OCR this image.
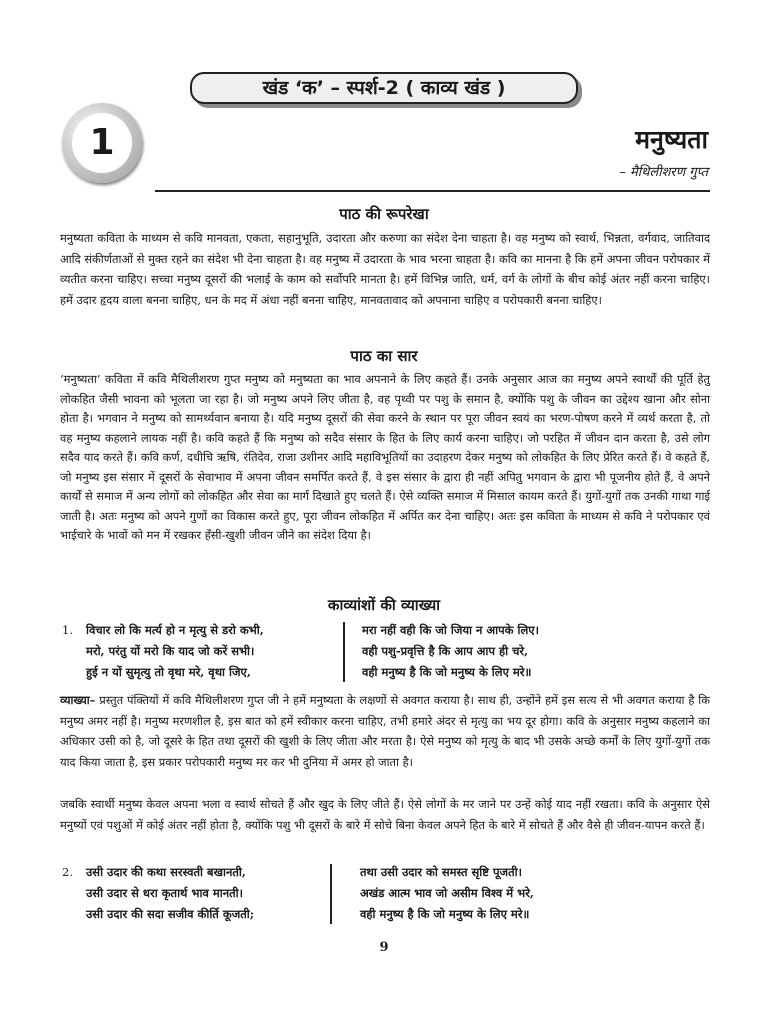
खंड ‘क’ – स्पर्श-2 ( काव्य खंड )
1	मनुष्यता
– मैथिलीशरण गुप्त
पाठ की रूपरेखा

मनुष्यता कविता के माध्यम से कवि मानवता, एकता, सहानुभूति, उदारता और करुणा का संदेश देना चाहता है। वह मनुष्य को स्वार्थ, भिन्नता, वर्गवाद, जातिवाद आदि संकीर्णताओं से मुक्त रहने का संदेश भी देना चाहता है। वह मनुष्य में उदारता के भाव भरना चाहता है। कवि का मानना है कि हमें अपना जीवन परोपकार में व्यतीत करना चाहिए। सच्चा मनुष्य दूसरों की भलाई के काम को सर्वोपरि मानता है। हमें विभिन्न जाति, धर्म, वर्ग के लोगों के बीच कोई अंतर नहीं करना चाहिए। हमें उदार हृदय वाला बनना चाहिए, धन के मद में अंधा नहीं बनना चाहिए, मानवतावाद को अपनाना चाहिए व परोपकारी बनना चाहिए।

पाठ का सार

‘मनुष्यता’ कविता में कवि मैथिलीशरण गुप्त मनुष्य को मनुष्यता का भाव अपनाने के लिए कहते हैं। उनके अनुसार आज का मनुष्य अपने स्वार्थों की पूर्ति हेतु लोकहित जैसी भावना को भूलता जा रहा है। जो मनुष्य अपने लिए जीता है, वह पृथ्वी पर पशु के समान है, क्योंकि पशु के जीवन का उद्देश्य खाना और सोना होता है। भगवान ने मनुष्य को सामर्थ्यवान बनाया है। यदि मनुष्य दूसरों की सेवा करने के स्थान पर पूरा जीवन स्वयं का भरण-पोषण करने में व्यर्थ करता है, तो वह मनुष्य कहलाने लायक नहीं है। कवि कहते हैं कि मनुष्य को सदैव संसार के हित के लिए कार्य करना चाहिए। जो परहित में जीवन दान करता है, उसे लोग सदैव याद करते हैं। कवि कर्ण, दधीचि ऋषि, रंतिदेव, राजा उशीनर आदि महाविभूतियों का उदाहरण देकर मनुष्य को लोकहित के लिए प्रेरित करते हैं। वे कहते हैं, जो मनुष्य इस संसार में दूसरों के सेवाभाव में अपना जीवन समर्पित करते हैं, वे इस संसार के द्वारा ही नहीं अपितु भगवान के द्वारा भी पूजनीय होते हैं, वे अपने कार्यों से समाज में अन्य लोगों को लोकहित और सेवा का मार्ग दिखाते हुए चलते हैं। ऐसे व्यक्ति समाज में मिसाल कायम करते हैं। युगों-युगों तक उनकी गाथा गाई जाती है। अतः मनुष्य को अपने गुणों का विकास करते हुए, पूरा जीवन लोकहित में अर्पित कर देना चाहिए। अतः इस कविता के माध्यम से कवि ने परोपकार एवं भाईचारे के भावों को मन में रखकर हँसी-खुशी जीवन जीने का संदेश दिया है।

काव्यांशों की व्याख्या
1. विचार लो कि मर्त्य हो न मृत्यु से डरो कभी,
मरो, परंतु यों मरो कि याद जो करें सभी।
हुई न यों सुमृत्यु तो वृथा मरे, वृथा जिए,
मरा नहीं वही कि जो जिया न आपके लिए।
वही पशु-प्रवृत्ति है कि आप आप ही चरे,
वही मनुष्य है कि जो मनुष्य के लिए मरे॥

व्याख्या– प्रस्तुत पंक्तियों में कवि मैथिलीशरण गुप्त जी ने हमें मनुष्यता के लक्षणों से अवगत कराया है। साथ ही, उन्होंने हमें इस सत्य से भी अवगत कराया है कि मनुष्य अमर नहीं है। मनुष्य मरणशील है, इस बात को हमें स्वीकार करना चाहिए, तभी हमारे अंदर से मृत्यु का भय दूर होगा। कवि के अनुसार मनुष्य कहलाने का अधिकार उसी को है, जो दूसरे के हित तथा दूसरों की खुशी के लिए जीता और मरता है। ऐसे मनुष्य को मृत्यु के बाद भी उसके अच्छे कर्मों के लिए युगों-युगों तक याद किया जाता है, इस प्रकार परोपकारी मनुष्य मर कर भी दुनिया में अमर हो जाता है।

जबकि स्वार्थी मनुष्य केवल अपना भला व स्वार्थ सोचते हैं और खुद के लिए जीते हैं। ऐसे लोगों के मर जाने पर उन्हें कोई याद नहीं रखता। कवि के अनुसार ऐसे मनुष्यों एवं पशुओं में कोई अंतर नहीं होता है, क्योंकि पशु भी दूसरों के बारे में सोचे बिना केवल अपने हित के बारे में सोचते हैं और वैसे ही जीवन-यापन करते हैं।

2. उसी उदार की कथा सरस्वती बखानती,
उसी उदार से धरा कृतार्थ भाव मानती।
उसी उदार की सदा सजीव कीर्ति कूजती;
तथा उसी उदार को समस्त सृष्टि पूजती।
अखंड आत्म भाव जो असीम विश्व में भरे,
वही मनुष्य है कि जो मनुष्य के लिए मरे॥
9
